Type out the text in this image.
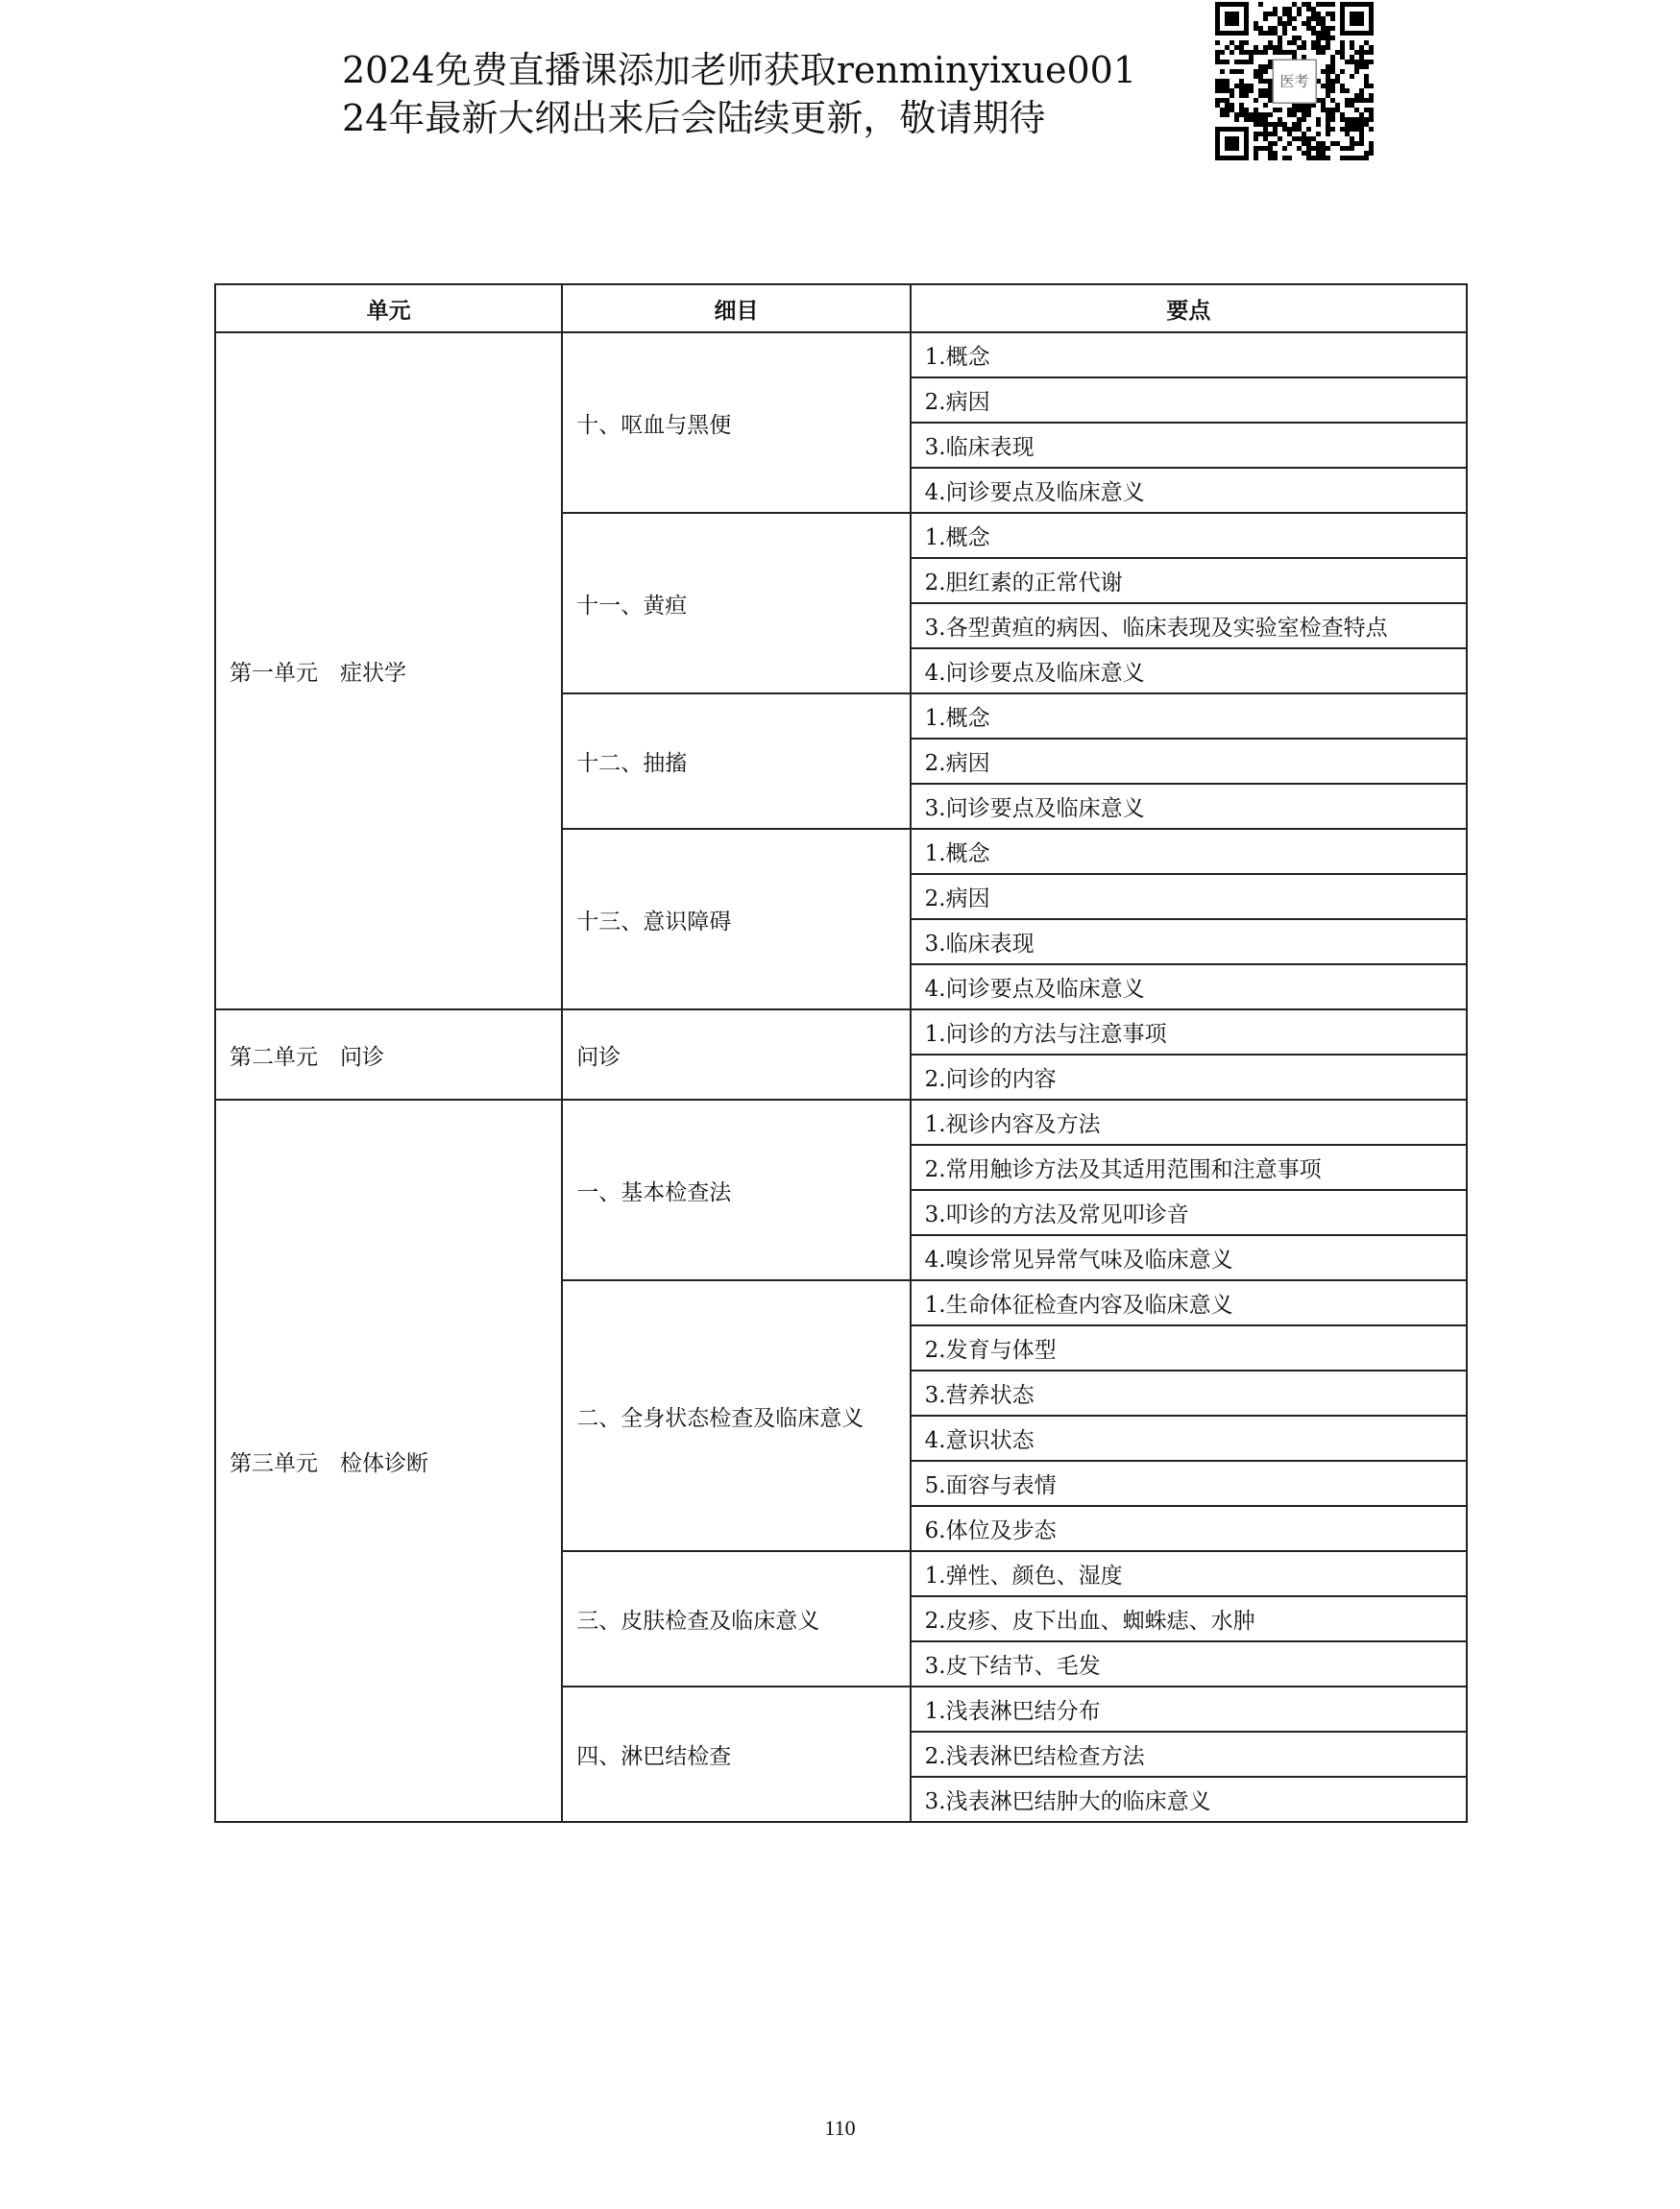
2024免费直播课添加老师获取renminyixue001
24年最新大纲出来后会陆续更新，敬请期待
医考
单元	细目	要点
第一单元　症状学	十、呕血与黑便	1.概念
		2.病因
		3.临床表现
		4.问诊要点及临床意义
	十一、黄疸	1.概念
		2.胆红素的正常代谢
		3.各型黄疸的病因、临床表现及实验室检查特点
		4.问诊要点及临床意义
	十二、抽搐	1.概念
		2.病因
		3.问诊要点及临床意义
	十三、意识障碍	1.概念
		2.病因
		3.临床表现
		4.问诊要点及临床意义
第二单元　问诊	问诊	1.问诊的方法与注意事项
		2.问诊的内容
第三单元　检体诊断	一、基本检查法	1.视诊内容及方法
		2.常用触诊方法及其适用范围和注意事项
		3.叩诊的方法及常见叩诊音
		4.嗅诊常见异常气味及临床意义
	二、全身状态检查及临床意义	1.生命体征检查内容及临床意义
		2.发育与体型
		3.营养状态
		4.意识状态
		5.面容与表情
		6.体位及步态
	三、皮肤检查及临床意义	1.弹性、颜色、湿度
		2.皮疹、皮下出血、蜘蛛痣、水肿
		3.皮下结节、毛发
	四、淋巴结检查	1.浅表淋巴结分布
		2.浅表淋巴结检查方法
		3.浅表淋巴结肿大的临床意义
110
